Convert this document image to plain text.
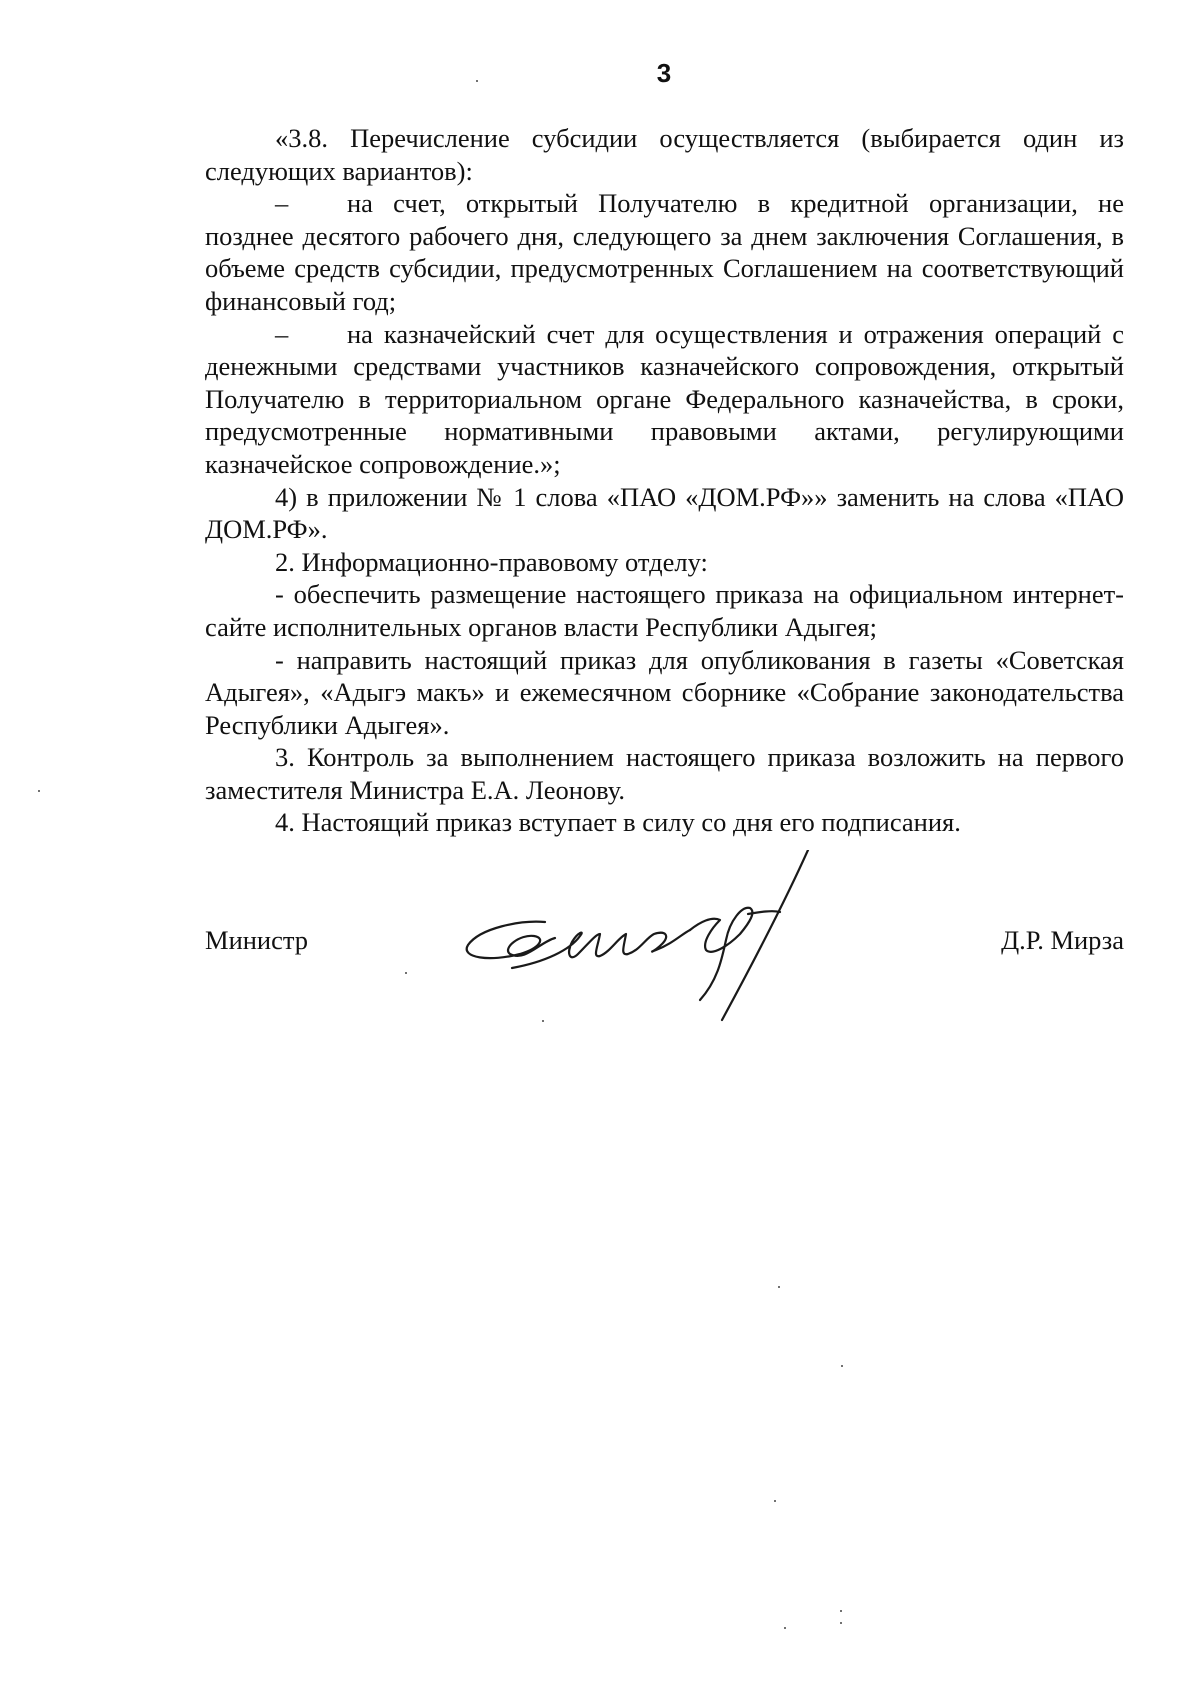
3

«3.8. Перечисление субсидии осуществляется (выбирается один из следующих вариантов):

– на счет, открытый Получателю в кредитной организации, не позднее десятого рабочего дня, следующего за днем заключения Соглашения, в объеме средств субсидии, предусмотренных Соглашением на соответствующий финансовый год;

– на казначейский счет для осуществления и отражения операций с денежными средствами участников казначейского сопровождения, открытый Получателю в территориальном органе Федерального казначейства, в сроки, предусмотренные нормативными правовыми актами, регулирующими казначейское сопровождение.»;

4) в приложении № 1 слова «ПАО «ДОМ.РФ»» заменить на слова «ПАО ДОМ.РФ».

2. Информационно-правовому отделу:

- обеспечить размещение настоящего приказа на официальном интернет-сайте исполнительных органов власти Республики Адыгея;

- направить настоящий приказ для опубликования в газеты «Советская Адыгея», «Адыгэ макъ» и ежемесячном сборнике «Собрание законодательства Республики Адыгея».

3. Контроль за выполнением настоящего приказа возложить на первого заместителя Министра Е.А. Леонову.

4. Настоящий приказ вступает в силу со дня его подписания.

Министр	Д.Р. Мирза
